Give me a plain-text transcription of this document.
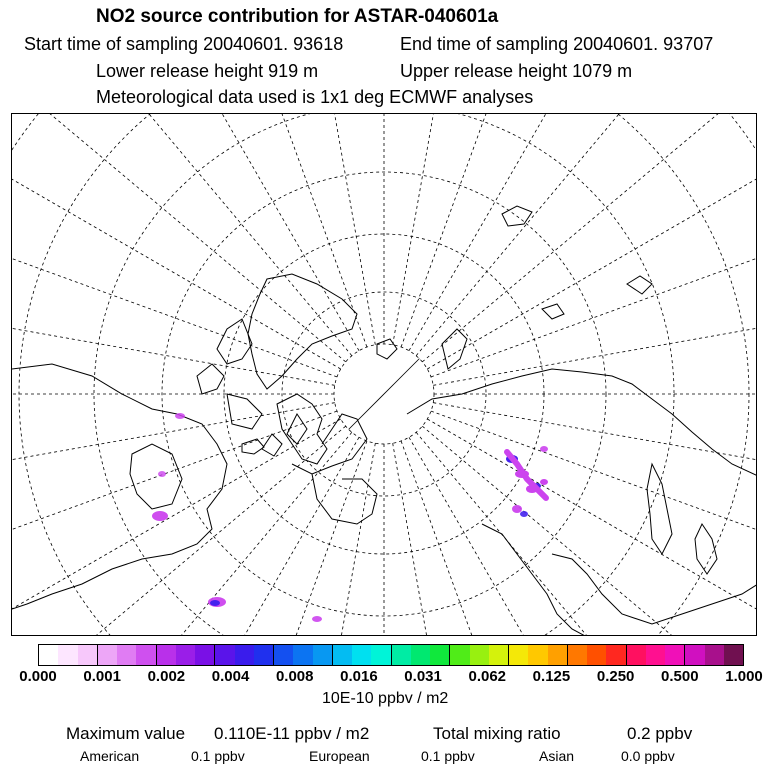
NO2 source contribution for ASTAR-040601a
Start time of sampling 20040601. 93618	End time of sampling 20040601. 93707
Lower release height 919 m	Upper release height 1079 m
Meteorological data used is 1x1 deg ECMWF analyses
0.000 0.001 0.002 0.004 0.008 0.016 0.031 0.062 0.125 0.250 0.500 1.000
10E-10 ppbv / m2
Maximum value 0.110E-11 ppbv / m2	Total mixing ratio	0.2 ppbv
American	0.1 ppbv	European	0.1 ppbv	Asian	0.0 ppbv
